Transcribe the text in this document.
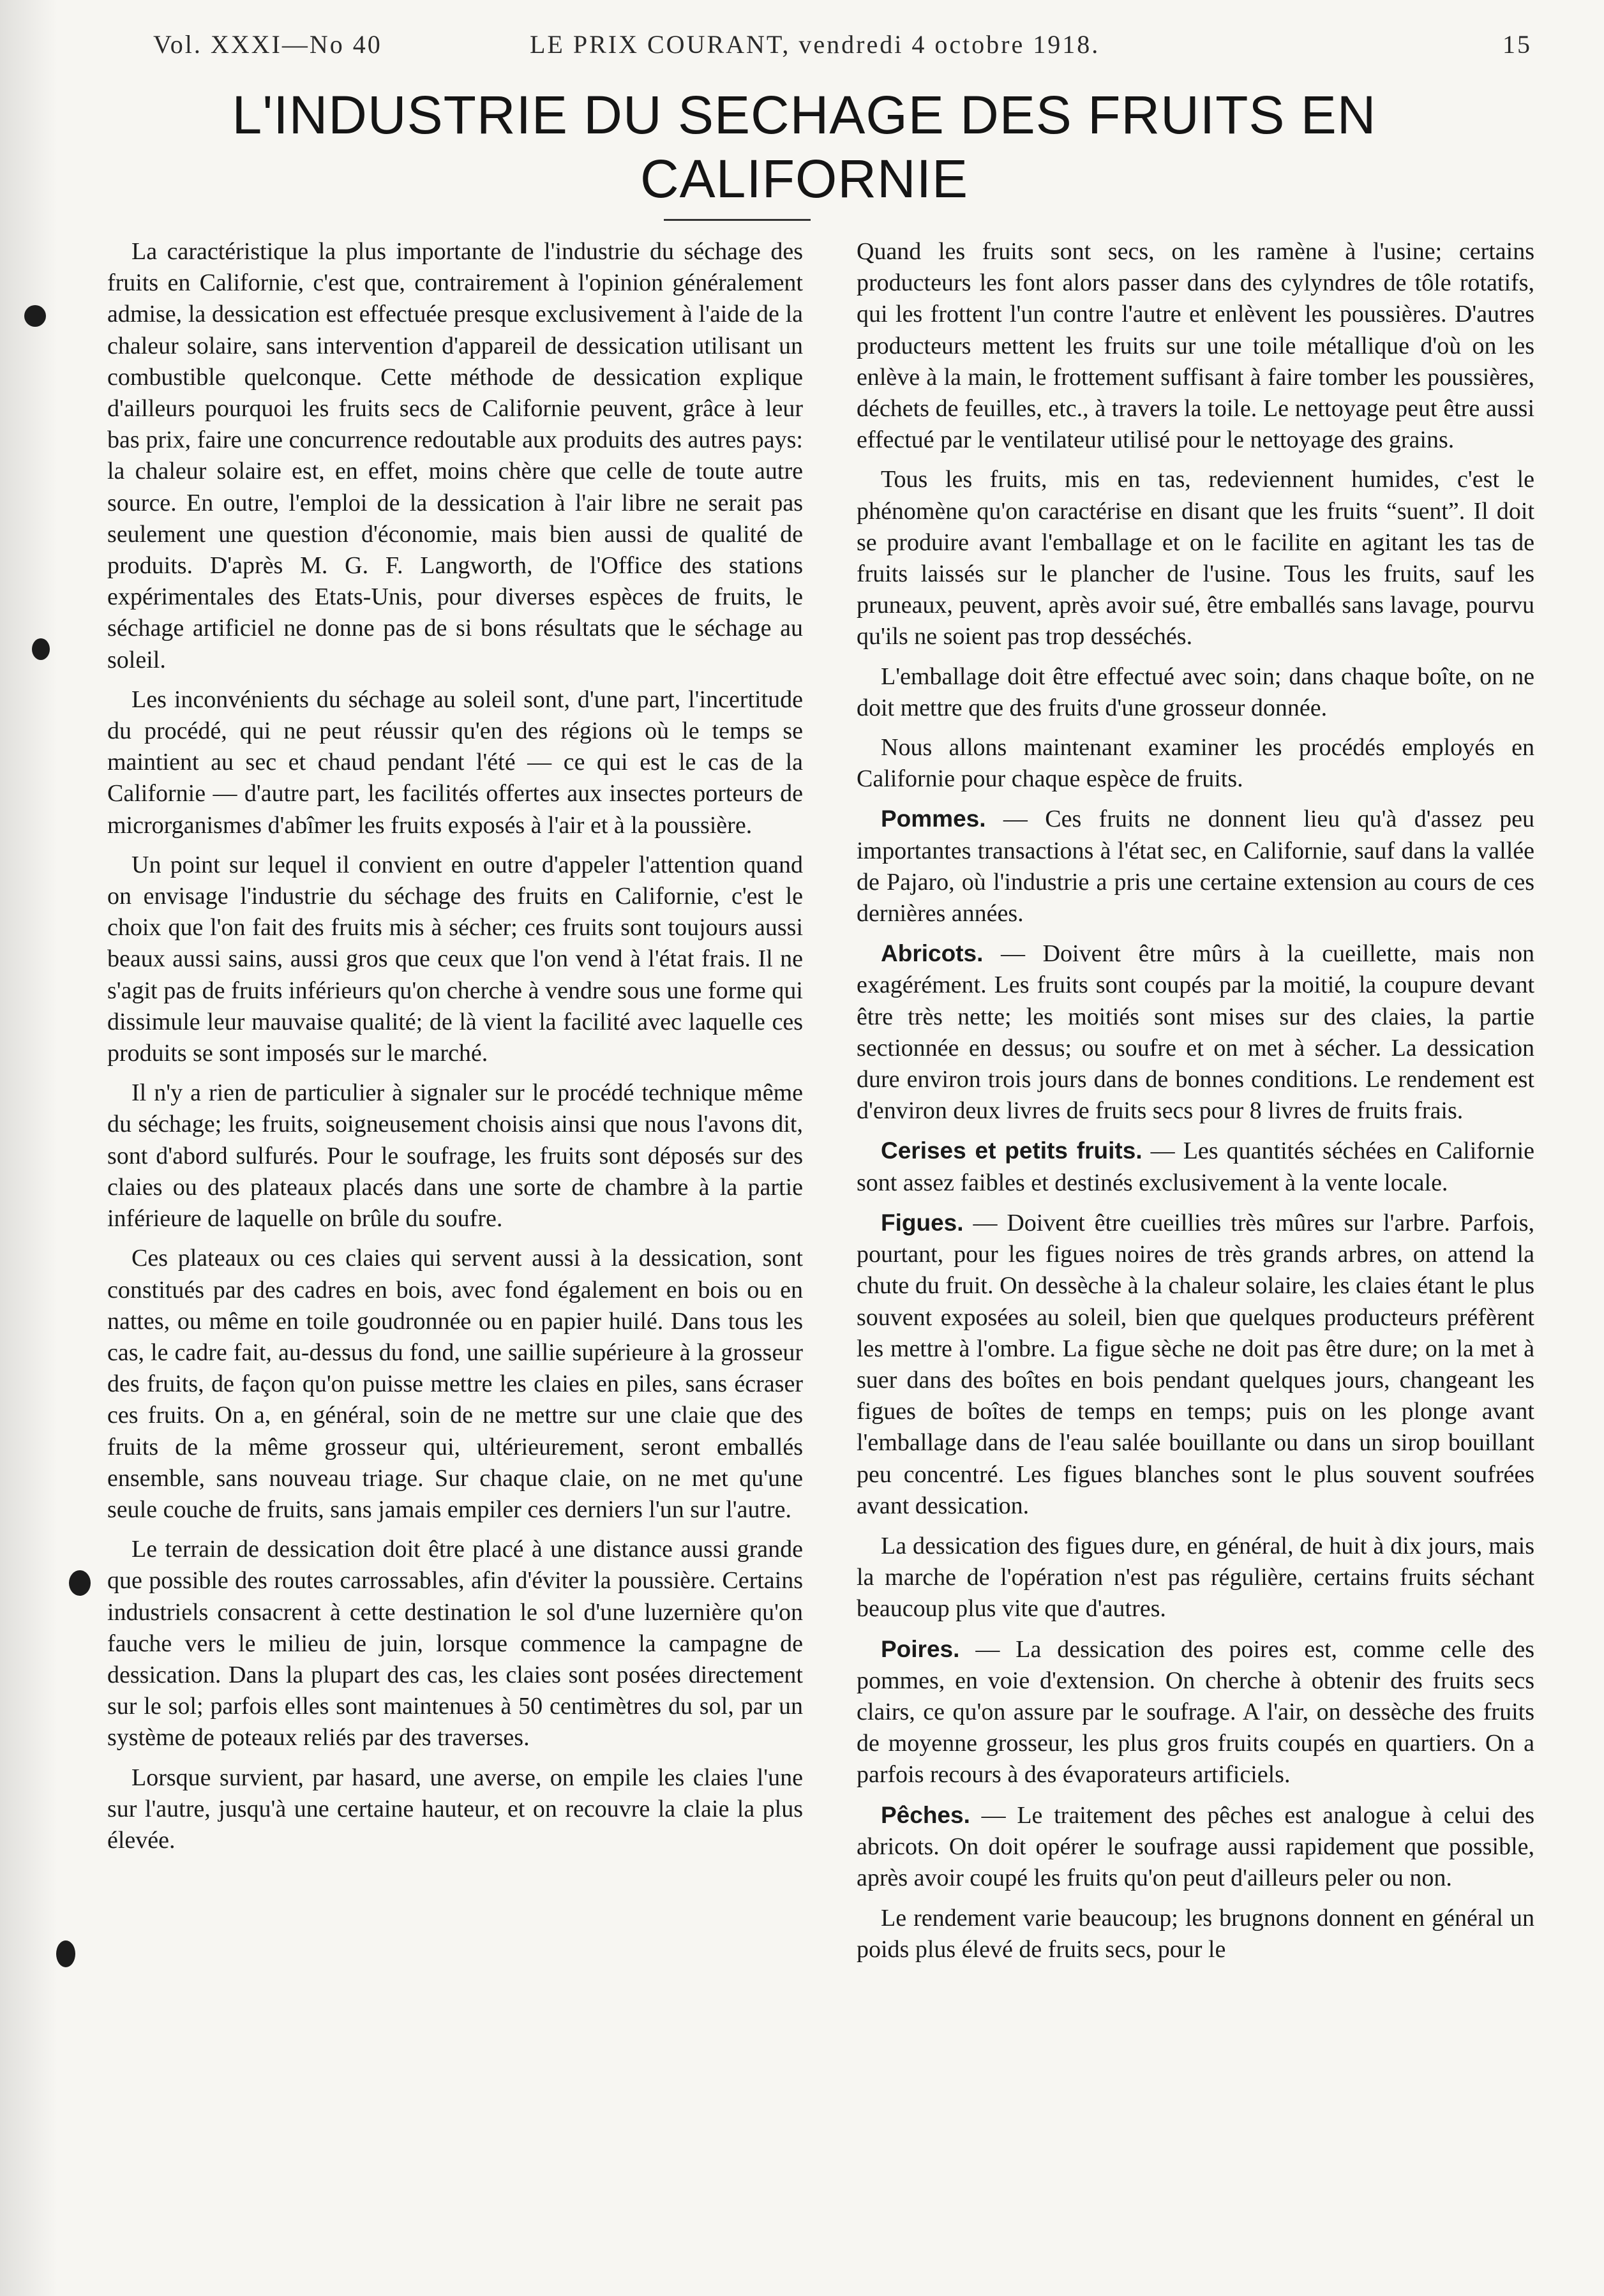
Vol. XXXI—No 40	LE PRIX COURANT, vendredi 4 octobre 1918.	15
L'INDUSTRIE DU SECHAGE DES FRUITS EN
CALIFORNIE

La caractéristique la plus importante de l'industrie du séchage des fruits en Californie, c'est que, contrairement à l'opinion généralement admise, la dessication est effectuée presque exclusivement à l'aide de la chaleur solaire, sans intervention d'appareil de dessication utilisant un combustible quelconque. Cette méthode de dessication explique d'ailleurs pourquoi les fruits secs de Californie peuvent, grâce à leur bas prix, faire une concurrence redoutable aux produits des autres pays: la chaleur solaire est, en effet, moins chère que celle de toute autre source. En outre, l'emploi de la dessication à l'air libre ne serait pas seulement une question d'économie, mais bien aussi de qualité de produits. D'après M. G. F. Langworth, de l'Office des stations expérimentales des Etats-Unis, pour diverses espèces de fruits, le séchage artificiel ne donne pas de si bons résultats que le séchage au soleil.

Les inconvénients du séchage au soleil sont, d'une part, l'incertitude du procédé, qui ne peut réussir qu'en des régions où le temps se maintient au sec et chaud pendant l'été — ce qui est le cas de la Californie — d'autre part, les facilités offertes aux insectes porteurs de microrganismes d'abîmer les fruits exposés à l'air et à la poussière.

Un point sur lequel il convient en outre d'appeler l'attention quand on envisage l'industrie du séchage des fruits en Californie, c'est le choix que l'on fait des fruits mis à sécher; ces fruits sont toujours aussi beaux aussi sains, aussi gros que ceux que l'on vend à l'état frais. Il ne s'agit pas de fruits inférieurs qu'on cherche à vendre sous une forme qui dissimule leur mauvaise qualité; de là vient la facilité avec laquelle ces produits se sont imposés sur le marché.

Il n'y a rien de particulier à signaler sur le procédé technique même du séchage; les fruits, soigneusement choisis ainsi que nous l'avons dit, sont d'abord sulfurés. Pour le soufrage, les fruits sont déposés sur des claies ou des plateaux placés dans une sorte de chambre à la partie inférieure de laquelle on brûle du soufre.

Ces plateaux ou ces claies qui servent aussi à la dessication, sont constitués par des cadres en bois, avec fond également en bois ou en nattes, ou même en toile goudronnée ou en papier huilé. Dans tous les cas, le cadre fait, au-dessus du fond, une saillie supérieure à la grosseur des fruits, de façon qu'on puisse mettre les claies en piles, sans écraser ces fruits. On a, en général, soin de ne mettre sur une claie que des fruits de la même grosseur qui, ultérieurement, seront emballés ensemble, sans nouveau triage. Sur chaque claie, on ne met qu'une seule couche de fruits, sans jamais empiler ces derniers l'un sur l'autre.

Le terrain de dessication doit être placé à une distance aussi grande que possible des routes carrossables, afin d'éviter la poussière. Certains industriels consacrent à cette destination le sol d'une luzernière qu'on fauche vers le milieu de juin, lorsque commence la campagne de dessication. Dans la plupart des cas, les claies sont posées directement sur le sol; parfois elles sont maintenues à 50 centimètres du sol, par un système de poteaux reliés par des traverses.

Lorsque survient, par hasard, une averse, on empile les claies l'une sur l'autre, jusqu'à une certaine hauteur, et on recouvre la claie la plus élevée.

Quand les fruits sont secs, on les ramène à l'usine; certains producteurs les font alors passer dans des cylyndres de tôle rotatifs, qui les frottent l'un contre l'autre et enlèvent les poussières. D'autres producteurs mettent les fruits sur une toile métallique d'où on les enlève à la main, le frottement suffisant à faire tomber les poussières, déchets de feuilles, etc., à travers la toile. Le nettoyage peut être aussi effectué par le ventilateur utilisé pour le nettoyage des grains.

Tous les fruits, mis en tas, redeviennent humides, c'est le phénomène qu'on caractérise en disant que les fruits “suent”. Il doit se produire avant l'emballage et on le facilite en agitant les tas de fruits laissés sur le plancher de l'usine. Tous les fruits, sauf les pruneaux, peuvent, après avoir sué, être emballés sans lavage, pourvu qu'ils ne soient pas trop desséchés.

L'emballage doit être effectué avec soin; dans chaque boîte, on ne doit mettre que des fruits d'une grosseur donnée.

Nous allons maintenant examiner les procédés employés en Californie pour chaque espèce de fruits.

Pommes. — Ces fruits ne donnent lieu qu'à d'assez peu importantes transactions à l'état sec, en Californie, sauf dans la vallée de Pajaro, où l'industrie a pris une certaine extension au cours de ces dernières années.

Abricots. — Doivent être mûrs à la cueillette, mais non exagérément. Les fruits sont coupés par la moitié, la coupure devant être très nette; les moitiés sont mises sur des claies, la partie sectionnée en dessus; ou soufre et on met à sécher. La dessication dure environ trois jours dans de bonnes conditions. Le rendement est d'environ deux livres de fruits secs pour 8 livres de fruits frais.

Cerises et petits fruits. — Les quantités séchées en Californie sont assez faibles et destinés exclusivement à la vente locale.

Figues. — Doivent être cueillies très mûres sur l'arbre. Parfois, pourtant, pour les figues noires de très grands arbres, on attend la chute du fruit. On dessèche à la chaleur solaire, les claies étant le plus souvent exposées au soleil, bien que quelques producteurs préfèrent les mettre à l'ombre. La figue sèche ne doit pas être dure; on la met à suer dans des boîtes en bois pendant quelques jours, changeant les figues de boîtes de temps en temps; puis on les plonge avant l'emballage dans de l'eau salée bouillante ou dans un sirop bouillant peu concentré. Les figues blanches sont le plus souvent soufrées avant dessication.

La dessication des figues dure, en général, de huit à dix jours, mais la marche de l'opération n'est pas régulière, certains fruits séchant beaucoup plus vite que d'autres.

Poires. — La dessication des poires est, comme celle des pommes, en voie d'extension. On cherche à obtenir des fruits secs clairs, ce qu'on assure par le soufrage. A l'air, on dessèche des fruits de moyenne grosseur, les plus gros fruits coupés en quartiers. On a parfois recours à des évaporateurs artificiels.

Pêches. — Le traitement des pêches est analogue à celui des abricots. On doit opérer le soufrage aussi rapidement que possible, après avoir coupé les fruits qu'on peut d'ailleurs peler ou non.

Le rendement varie beaucoup; les brugnons donnent en général un poids plus élevé de fruits secs, pour le
